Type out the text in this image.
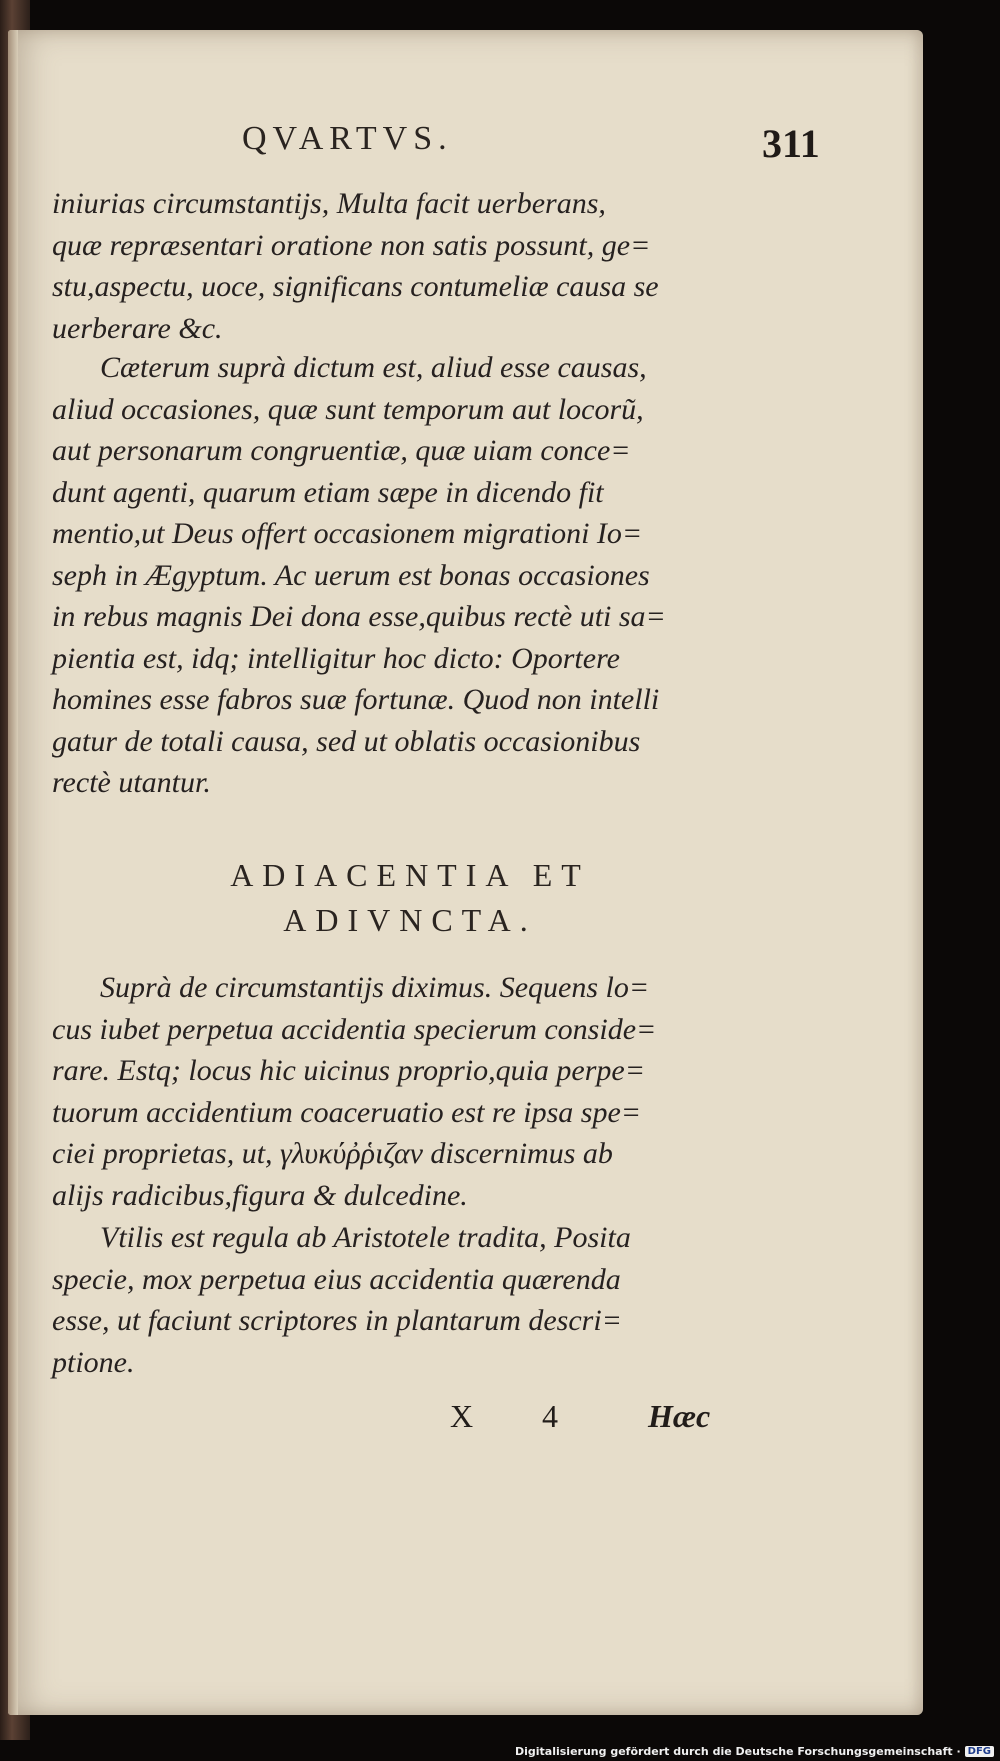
QVARTVS.	311
iniurias circumstantijs, Multa facit uerberans,
quæ repræsentari oratione non satis possunt, ge=
stu,aspectu, uoce, significans contumeliæ causa se
uerberare &c.
Cæterum suprà dictum est, aliud esse causas,
aliud occasiones, quæ sunt temporum aut locorũ,
aut personarum congruentiæ, quæ uiam conce=
dunt agenti, quarum etiam sæpe in dicendo fit
mentio,ut Deus offert occasionem migrationi Io=
seph in Ægyptum. Ac uerum est bonas occasiones
in rebus magnis Dei dona esse,quibus rectè uti sa=
pientia est, idq; intelligitur hoc dicto: Oportere
homines esse fabros suæ fortunæ. Quod non intelli
gatur de totali causa, sed ut oblatis occasionibus
rectè utantur.
ADIACENTIA ET
ADIVNCTA.
Suprà de circumstantijs diximus. Sequens lo=
cus iubet perpetua accidentia specierum conside=
rare. Estq; locus hic uicinus proprio,quia perpe=
tuorum accidentium coaceruatio est re ipsa spe=
ciei proprietas, ut, γλυκύῤῥιζαν discernimus ab
alijs radicibus,figura & dulcedine.
Vtilis est regula ab Aristotele tradita, Posita
specie, mox perpetua eius accidentia quærenda
esse, ut faciunt scriptores in plantarum descri=
ptione.
X 4	Hæc
Digitalisierung gefördert durch die Deutsche Forschungsgemeinschaft · DFG
